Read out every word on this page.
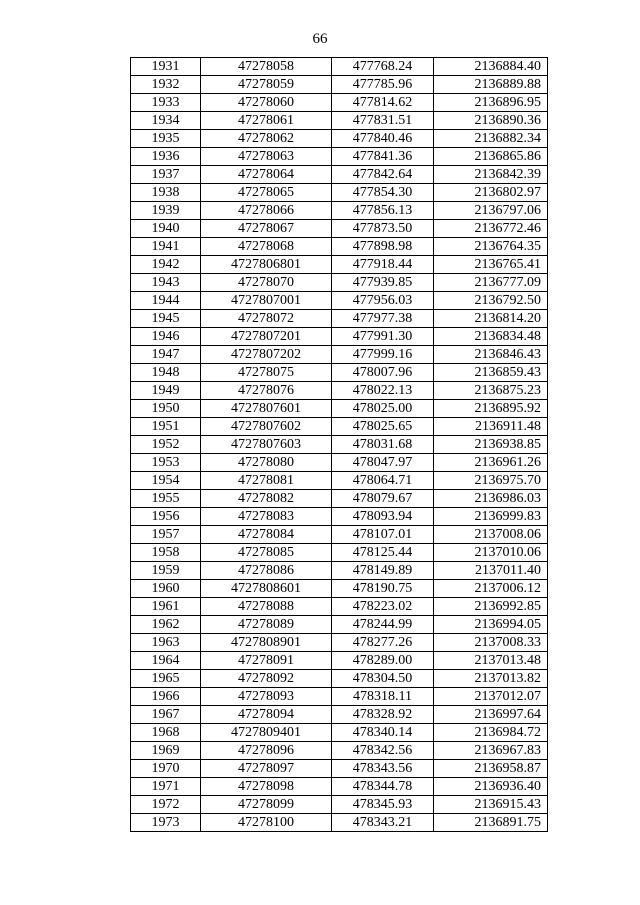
66
1931	47278058	477768.24	2136884.40
1932	47278059	477785.96	2136889.88
1933	47278060	477814.62	2136896.95
1934	47278061	477831.51	2136890.36
1935	47278062	477840.46	2136882.34
1936	47278063	477841.36	2136865.86
1937	47278064	477842.64	2136842.39
1938	47278065	477854.30	2136802.97
1939	47278066	477856.13	2136797.06
1940	47278067	477873.50	2136772.46
1941	47278068	477898.98	2136764.35
1942	4727806801	477918.44	2136765.41
1943	47278070	477939.85	2136777.09
1944	4727807001	477956.03	2136792.50
1945	47278072	477977.38	2136814.20
1946	4727807201	477991.30	2136834.48
1947	4727807202	477999.16	2136846.43
1948	47278075	478007.96	2136859.43
1949	47278076	478022.13	2136875.23
1950	4727807601	478025.00	2136895.92
1951	4727807602	478025.65	2136911.48
1952	4727807603	478031.68	2136938.85
1953	47278080	478047.97	2136961.26
1954	47278081	478064.71	2136975.70
1955	47278082	478079.67	2136986.03
1956	47278083	478093.94	2136999.83
1957	47278084	478107.01	2137008.06
1958	47278085	478125.44	2137010.06
1959	47278086	478149.89	2137011.40
1960	4727808601	478190.75	2137006.12
1961	47278088	478223.02	2136992.85
1962	47278089	478244.99	2136994.05
1963	4727808901	478277.26	2137008.33
1964	47278091	478289.00	2137013.48
1965	47278092	478304.50	2137013.82
1966	47278093	478318.11	2137012.07
1967	47278094	478328.92	2136997.64
1968	4727809401	478340.14	2136984.72
1969	47278096	478342.56	2136967.83
1970	47278097	478343.56	2136958.87
1971	47278098	478344.78	2136936.40
1972	47278099	478345.93	2136915.43
1973	47278100	478343.21	2136891.75
